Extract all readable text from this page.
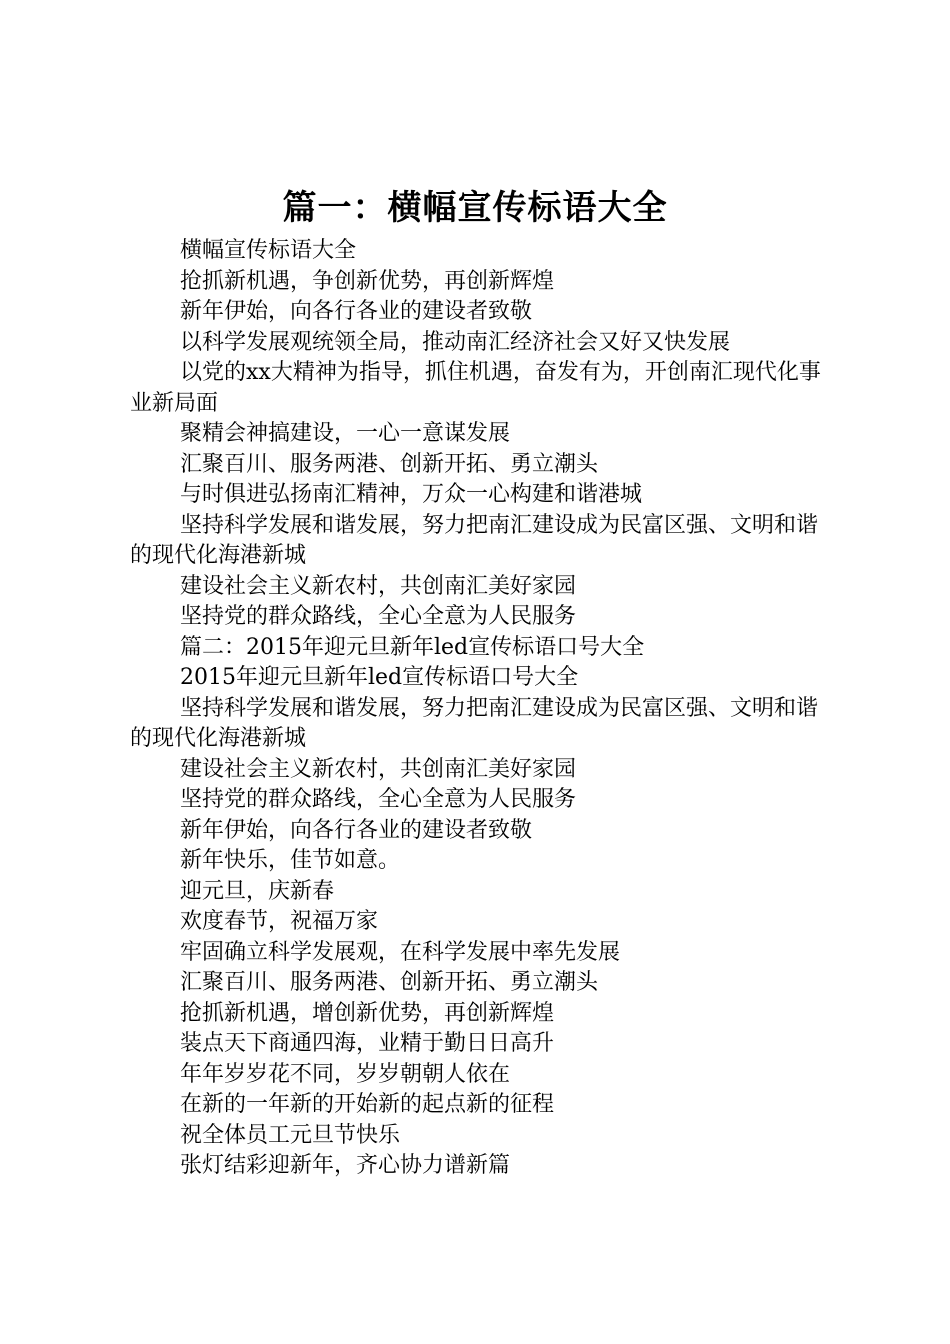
篇一：横幅宣传标语大全

横幅宣传标语大全

抢抓新机遇，争创新优势，再创新辉煌

新年伊始，向各行各业的建设者致敬

以科学发展观统领全局，推动南汇经济社会又好又快发展

以党的xx大精神为指导，抓住机遇，奋发有为，开创南汇现代化事业新局面

聚精会神搞建设，一心一意谋发展

汇聚百川、服务两港、创新开拓、勇立潮头

与时俱进弘扬南汇精神，万众一心构建和谐港城

坚持科学发展和谐发展，努力把南汇建设成为民富区强、文明和谐的现代化海港新城

建设社会主义新农村，共创南汇美好家园

坚持党的群众路线，全心全意为人民服务

篇二：2015年迎元旦新年led宣传标语口号大全

2015年迎元旦新年led宣传标语口号大全

坚持科学发展和谐发展，努力把南汇建设成为民富区强、文明和谐的现代化海港新城

建设社会主义新农村，共创南汇美好家园

坚持党的群众路线，全心全意为人民服务

新年伊始，向各行各业的建设者致敬

新年快乐，佳节如意。

迎元旦，庆新春

欢度春节，祝福万家

牢固确立科学发展观，在科学发展中率先发展

汇聚百川、服务两港、创新开拓、勇立潮头

抢抓新机遇，增创新优势，再创新辉煌

装点天下商通四海，业精于勤日日高升

年年岁岁花不同，岁岁朝朝人依在

在新的一年新的开始新的起点新的征程

祝全体员工元旦节快乐

张灯结彩迎新年，齐心协力谱新篇
